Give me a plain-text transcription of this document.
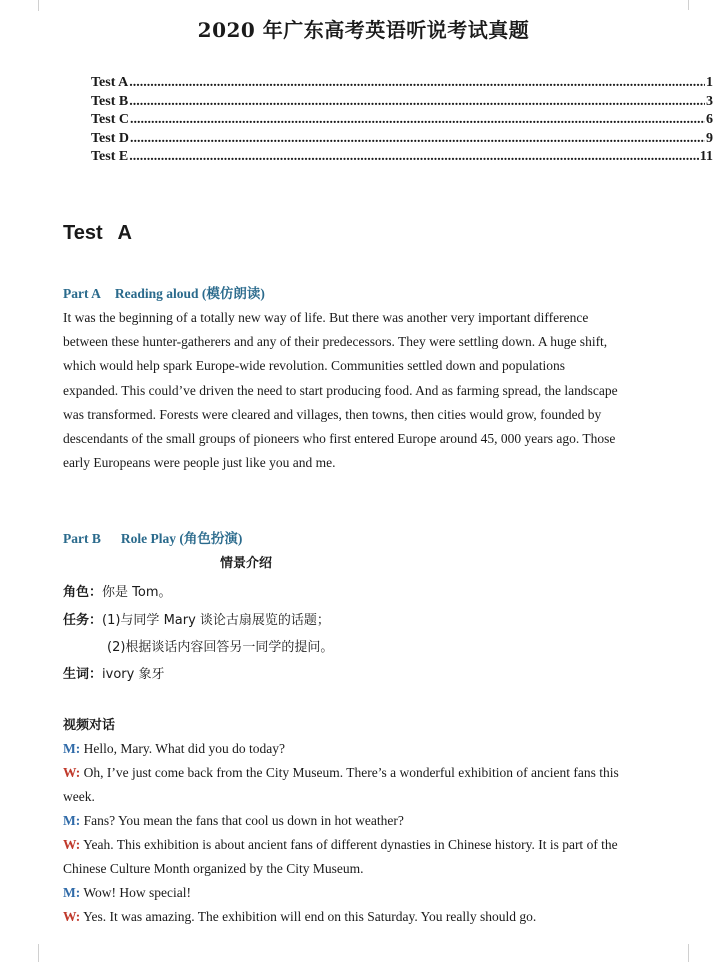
2020 年广东高考英语听说考试真题
Test A .....	1
Test B .....	3
Test C .....	6
Test D .....	9
Test E .....	11
Test A
Part A Reading aloud (模仿朗读)
It was the beginning of a totally new way of life. But there was another very important difference between these hunter-gatherers and any of their predecessors. They were settling down. A huge shift, which would help spark Europe-wide revolution. Communities settled down and populations expanded. This could’ve driven the need to start producing food. And as farming spread, the landscape was transformed. Forests were cleared and villages, then towns, then cities would grow, founded by descendants of the small groups of pioneers who first entered Europe around 45, 000 years ago. Those early Europeans were people just like you and me.
Part B Role Play (角色扮演)
情景介绍
角色：你是 Tom。
任务：(1)与同学 Mary 谈论古扇展览的话题；
(2)根据谈话内容回答另一同学的提问。
生词：ivory 象牙
视频对话
M: Hello, Mary. What did you do today?
W: Oh, I’ve just come back from the City Museum. There’s a wonderful exhibition of ancient fans this week.
M: Fans? You mean the fans that cool us down in hot weather?
W: Yeah. This exhibition is about ancient fans of different dynasties in Chinese history. It is part of the Chinese Culture Month organized by the City Museum.
M: Wow! How special!
W: Yes. It was amazing. The exhibition will end on this Saturday. You really should go.
